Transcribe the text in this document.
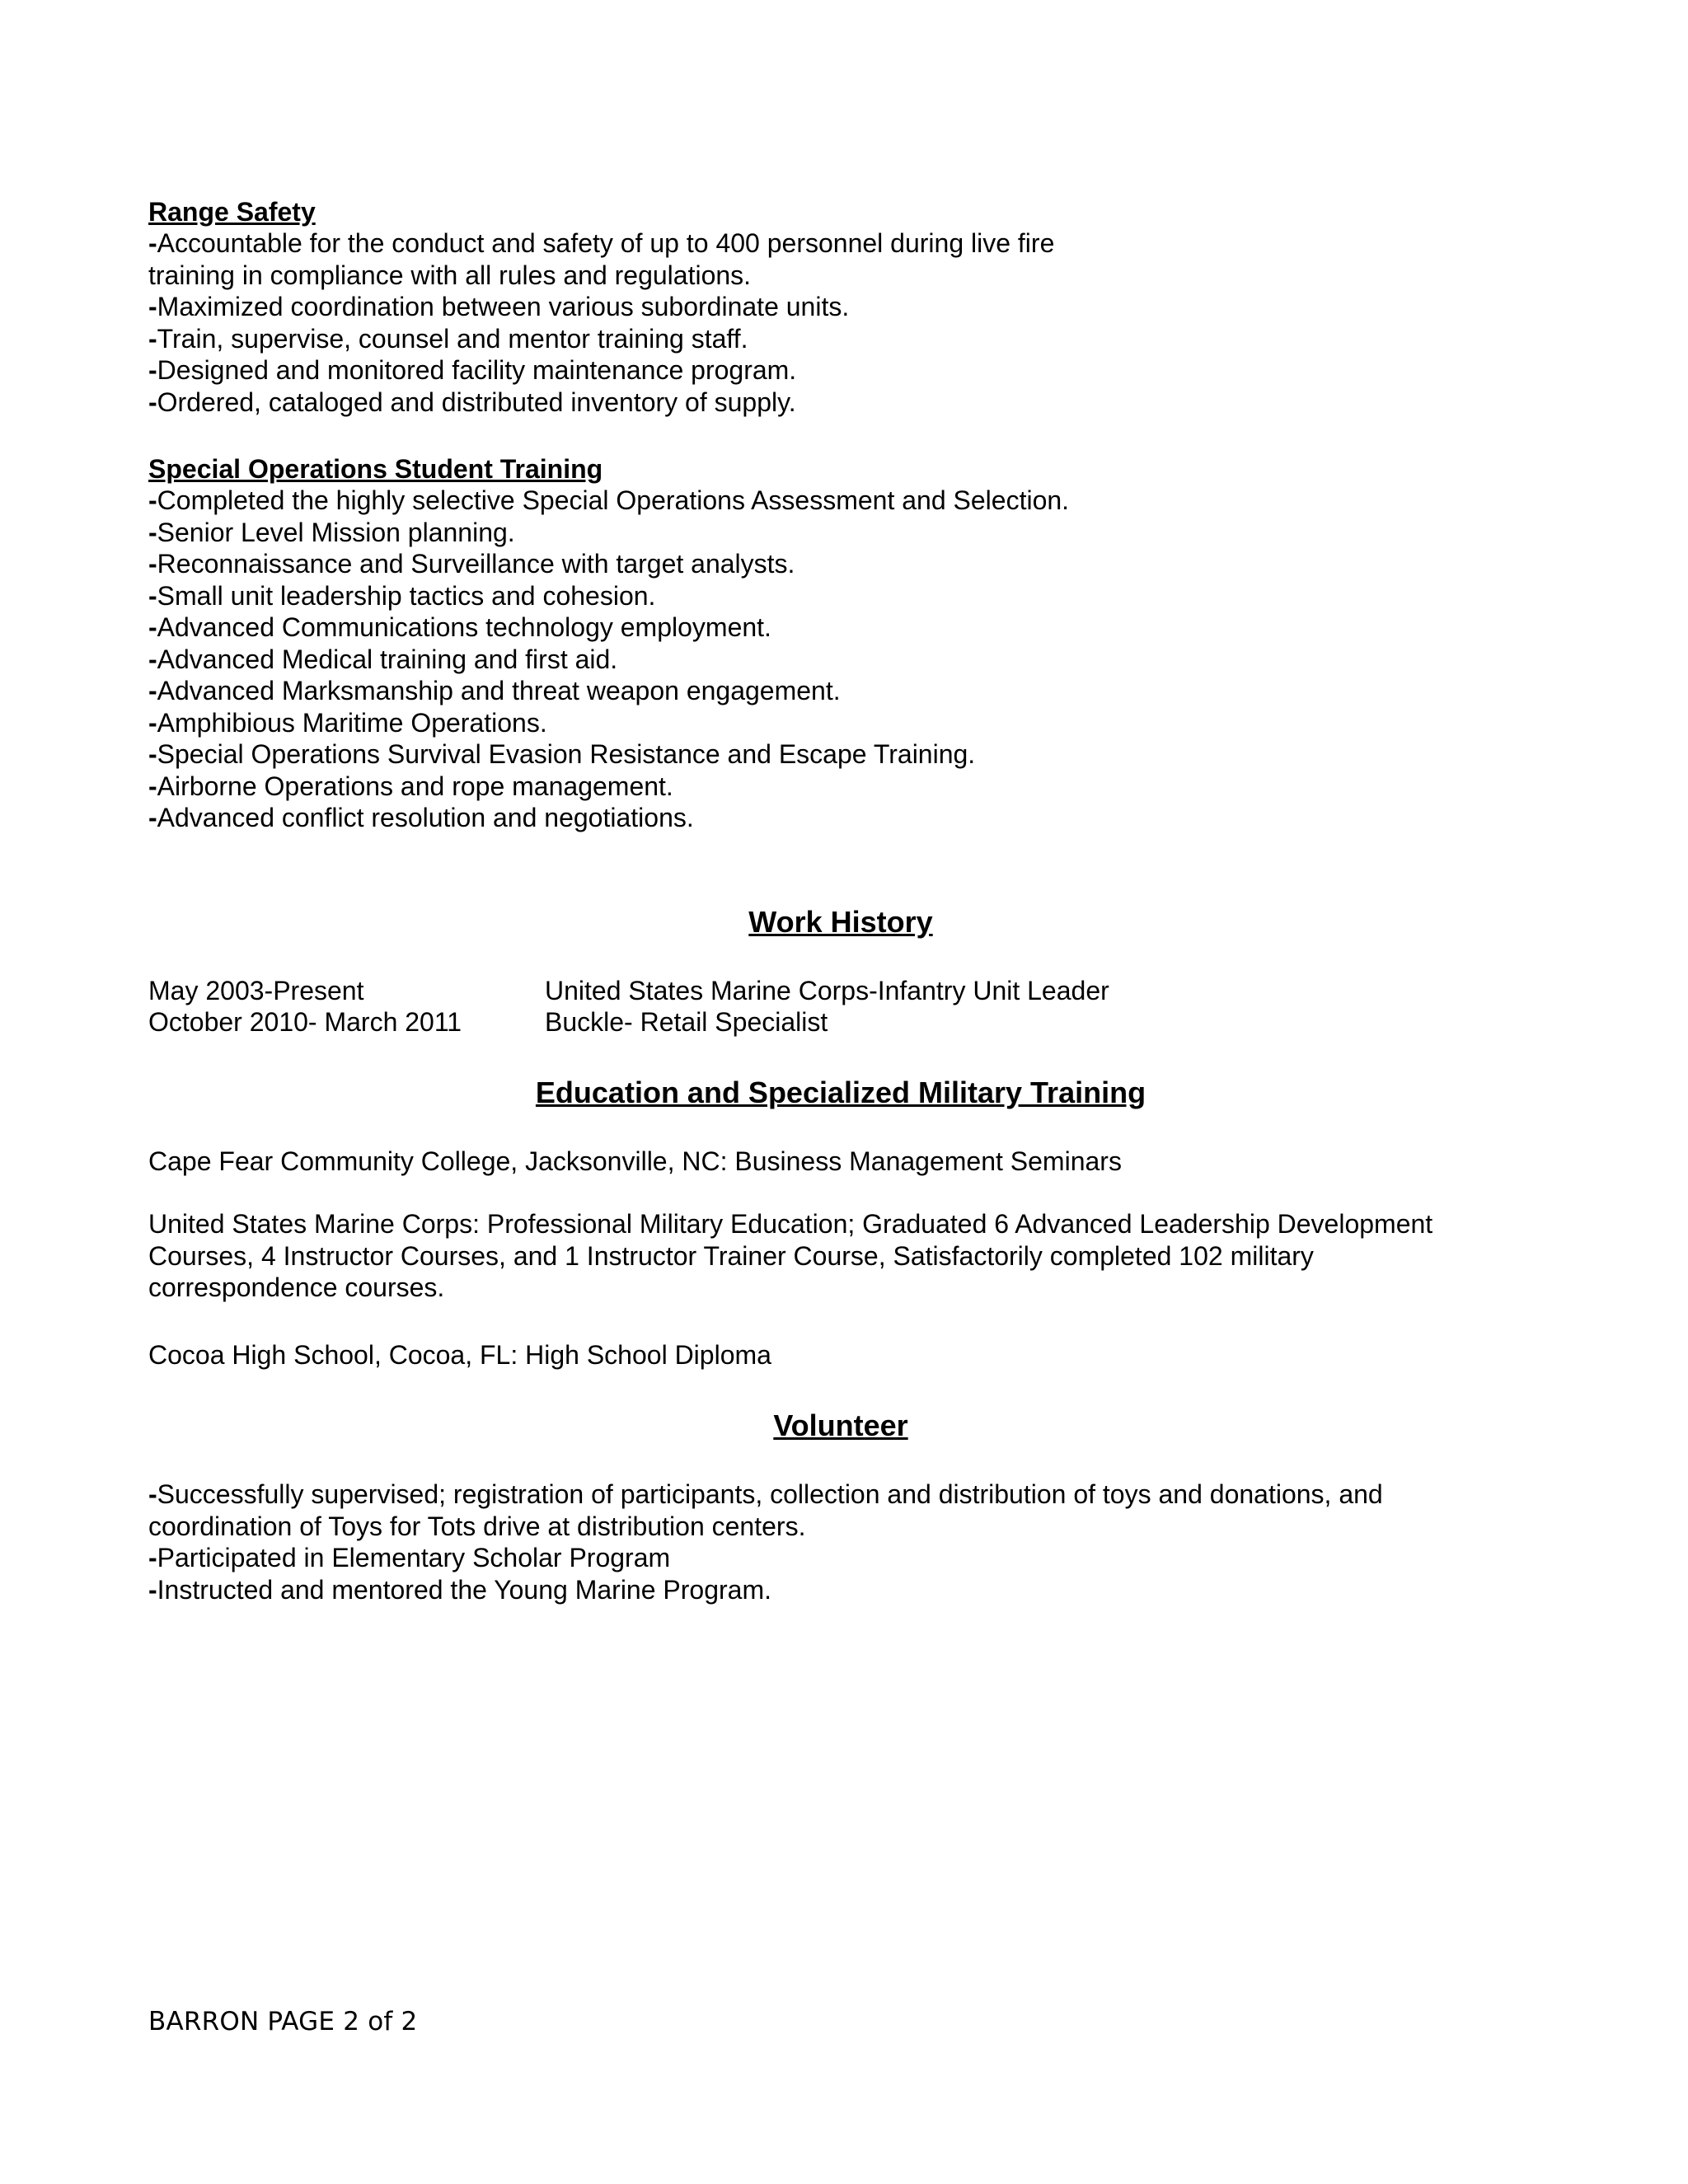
Range Safety

-Accountable for the conduct and safety of up to 400 personnel during live fire

training in compliance with all rules and regulations.

-Maximized coordination between various subordinate units.

-Train, supervise, counsel and mentor training staff.

-Designed and monitored facility maintenance program.

-Ordered, cataloged and distributed inventory of supply.

Special Operations Student Training

-Completed the highly selective Special Operations Assessment and Selection.

-Senior Level Mission planning.

-Reconnaissance and Surveillance with target analysts.

-Small unit leadership tactics and cohesion.

-Advanced Communications technology employment.

-Advanced Medical training and first aid.

-Advanced Marksmanship and threat weapon engagement.

-Amphibious Maritime Operations.

-Special Operations Survival Evasion Resistance and Escape Training.

-Airborne Operations and rope management.

-Advanced conflict resolution and negotiations.

Work History

May 2003-Present	United States Marine Corps-Infantry Unit Leader
October 2010- March 2011	Buckle- Retail Specialist

Education and Specialized Military Training

Cape Fear Community College, Jacksonville, NC: Business Management Seminars

United States Marine Corps: Professional Military Education; Graduated 6 Advanced Leadership Development

Courses, 4 Instructor Courses, and 1 Instructor Trainer Course, Satisfactorily completed 102 military

correspondence courses.

Cocoa High School, Cocoa, FL: High School Diploma

Volunteer

-Successfully supervised; registration of participants, collection and distribution of toys and donations, and

coordination of Toys for Tots drive at distribution centers.

-Participated in Elementary Scholar Program

-Instructed and mentored the Young Marine Program.

BARRON PAGE 2 of 2
